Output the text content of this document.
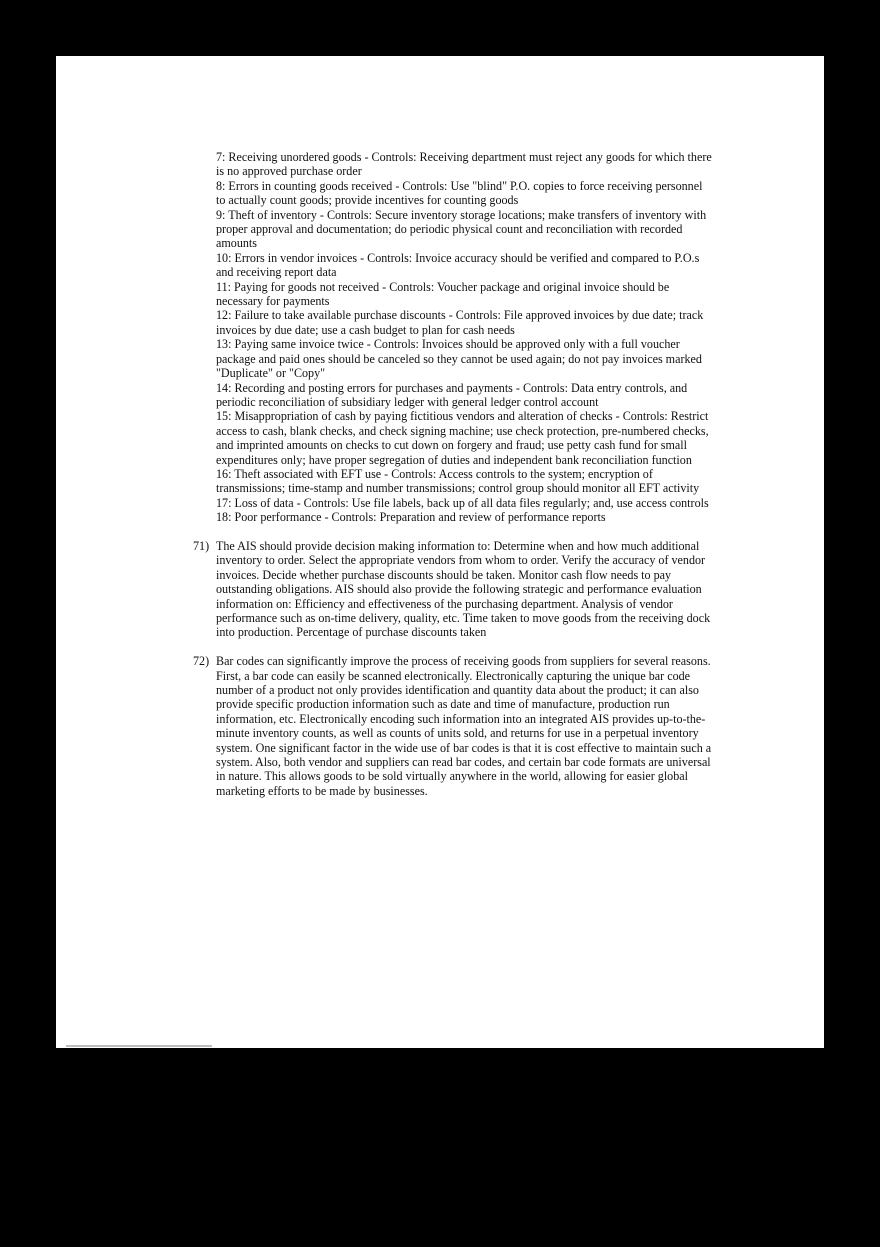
7: Receiving unordered goods - Controls: Receiving department must reject any goods for which there is no approved purchase order

8: Errors in counting goods received - Controls: Use "blind" P.O. copies to force receiving personnel to actually count goods; provide incentives for counting goods

9: Theft of inventory - Controls: Secure inventory storage locations; make transfers of inventory with proper approval and documentation; do periodic physical count and reconciliation with recorded amounts

10: Errors in vendor invoices - Controls: Invoice accuracy should be verified and compared to P.O.s and receiving report data

11: Paying for goods not received - Controls: Voucher package and original invoice should be necessary for payments

12: Failure to take available purchase discounts - Controls: File approved invoices by due date; track invoices by due date; use a cash budget to plan for cash needs

13: Paying same invoice twice - Controls: Invoices should be approved only with a full voucher package and paid ones should be canceled so they cannot be used again; do not pay invoices marked "Duplicate" or "Copy"

14: Recording and posting errors for purchases and payments - Controls: Data entry controls, and periodic reconciliation of subsidiary ledger with general ledger control account

15: Misappropriation of cash by paying fictitious vendors and alteration of checks - Controls: Restrict access to cash, blank checks, and check signing machine; use check protection, pre-numbered checks, and imprinted amounts on checks to cut down on forgery and fraud; use petty cash fund for small expenditures only; have proper segregation of duties and independent bank reconciliation function

16: Theft associated with EFT use - Controls: Access controls to the system; encryption of transmissions; time-stamp and number transmissions; control group should monitor all EFT activity

17: Loss of data - Controls: Use file labels, back up of all data files regularly; and, use access controls

18: Poor performance - Controls: Preparation and review of performance reports

71) The AIS should provide decision making information to: Determine when and how much additional inventory to order. Select the appropriate vendors from whom to order. Verify the accuracy of vendor invoices. Decide whether purchase discounts should be taken. Monitor cash flow needs to pay outstanding obligations. AIS should also provide the following strategic and performance evaluation information on: Efficiency and effectiveness of the purchasing department. Analysis of vendor performance such as on-time delivery, quality, etc. Time taken to move goods from the receiving dock into production. Percentage of purchase discounts taken

72) Bar codes can significantly improve the process of receiving goods from suppliers for several reasons. First, a bar code can easily be scanned electronically. Electronically capturing the unique bar code number of a product not only provides identification and quantity data about the product; it can also provide specific production information such as date and time of manufacture, production run information, etc. Electronically encoding such information into an integrated AIS provides up-to-the-minute inventory counts, as well as counts of units sold, and returns for use in a perpetual inventory system. One significant factor in the wide use of bar codes is that it is cost effective to maintain such a system. Also, both vendor and suppliers can read bar codes, and certain bar code formats are universal in nature. This allows goods to be sold virtually anywhere in the world, allowing for easier global marketing efforts to be made by businesses.
